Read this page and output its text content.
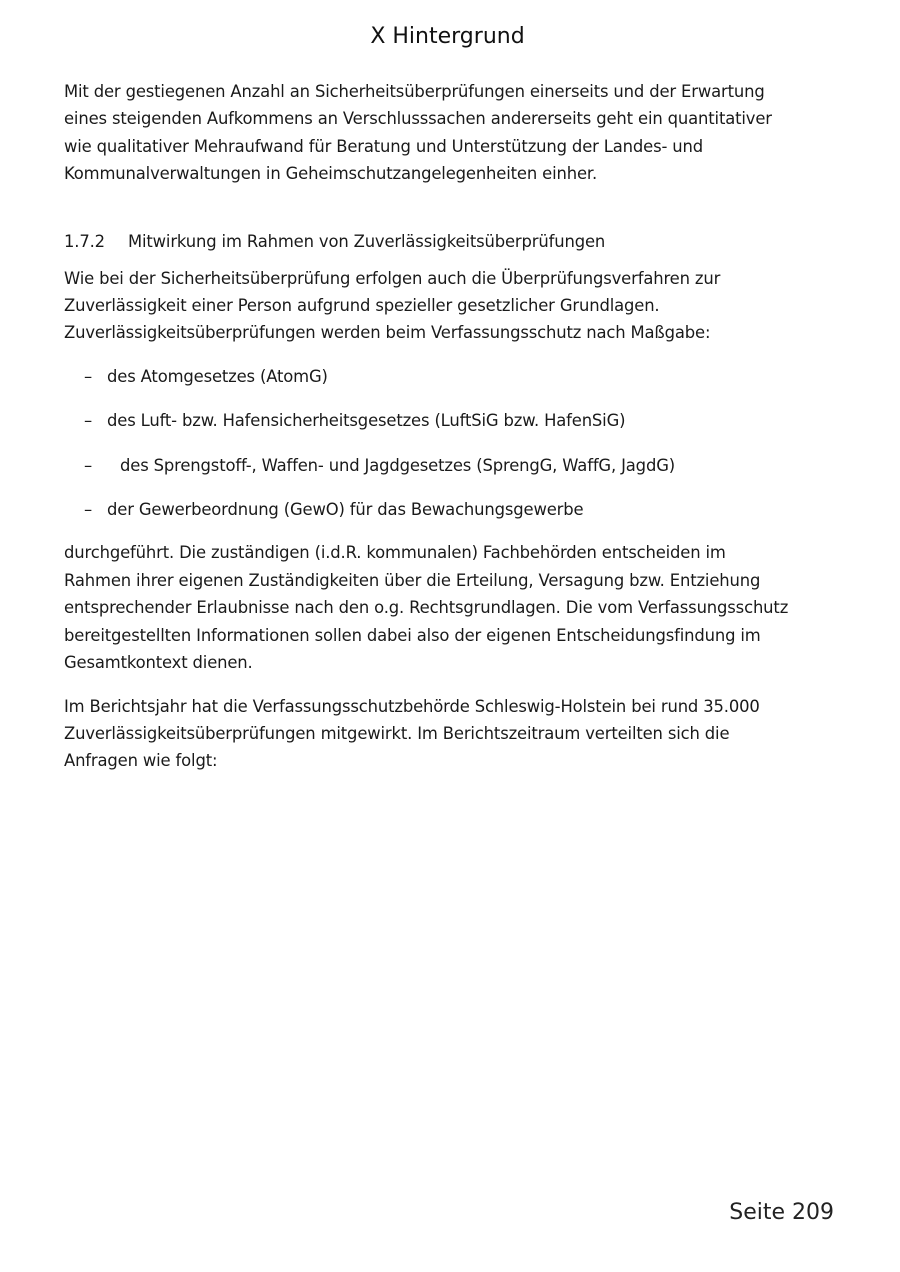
X Hintergrund

Mit der gestiegenen Anzahl an Sicherheitsüberprüfungen einerseits und der Erwartung eines steigenden Aufkommens an Verschlusssachen andererseits geht ein quantitativer wie qualitativer Mehraufwand für Beratung und Unterstützung der Landes- und Kommunalverwaltungen in Geheimschutzangelegenheiten einher.

1.7.2	Mitwirkung im Rahmen von Zuverlässigkeitsüberprüfungen

Wie bei der Sicherheitsüberprüfung erfolgen auch die Überprüfungsverfahren zur Zuverlässigkeit einer Person aufgrund spezieller gesetzlicher Grundlagen. Zuverlässigkeitsüberprüfungen werden beim Verfassungsschutz nach Maßgabe:

– des Atomgesetzes (AtomG)
– des Luft- bzw. Hafensicherheitsgesetzes (LuftSiG bzw. HafenSiG)
–	des Sprengstoff-, Waffen- und Jagdgesetzes (SprengG, WaffG, JagdG)
– der Gewerbeordnung (GewO) für das Bewachungsgewerbe

durchgeführt. Die zuständigen (i.d.R. kommunalen) Fachbehörden entscheiden im Rahmen ihrer eigenen Zuständigkeiten über die Erteilung, Versagung bzw. Entziehung entsprechender Erlaubnisse nach den o.g. Rechtsgrundlagen. Die vom Verfassungsschutz bereitgestellten Informationen sollen dabei also der eigenen Entscheidungsfindung im Gesamtkontext dienen.

Im Berichtsjahr hat die Verfassungsschutzbehörde Schleswig-Holstein bei rund 35.000 Zuverlässigkeitsüberprüfungen mitgewirkt. Im Berichtszeitraum verteilten sich die Anfragen wie folgt:

Seite 209
